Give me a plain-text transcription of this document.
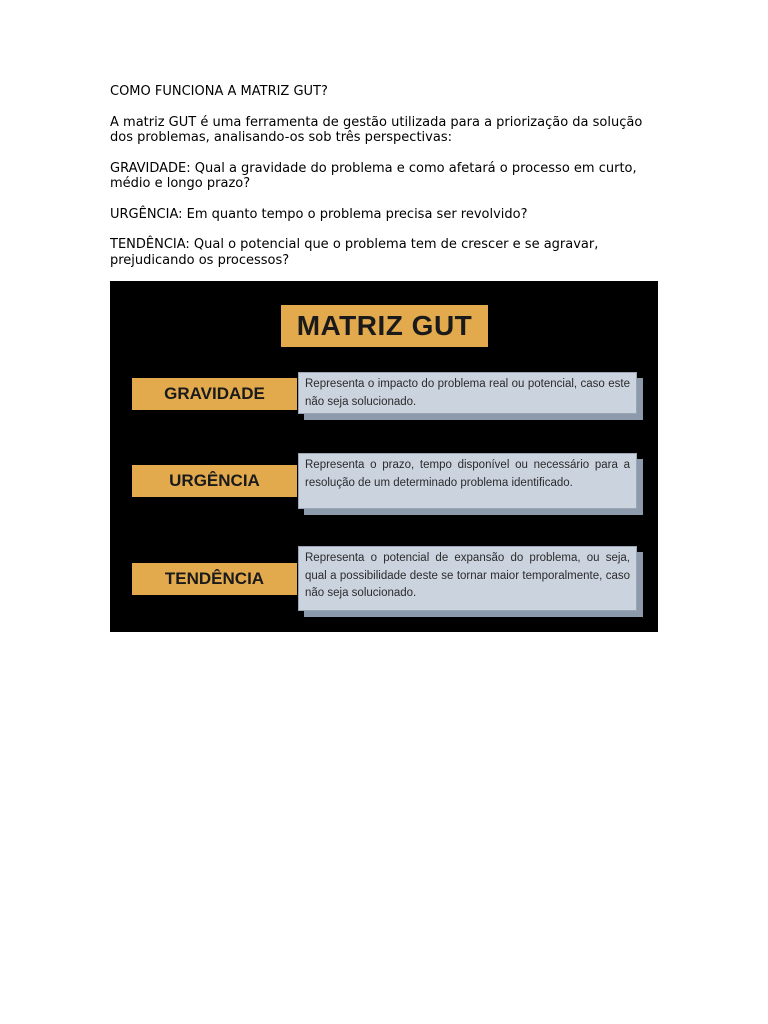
COMO FUNCIONA A MATRIZ GUT?

A matriz GUT é uma ferramenta de gestão utilizada para a priorização da solução dos problemas, analisando-os sob três perspectivas:

GRAVIDADE: Qual a gravidade do problema e como afetará o processo em curto, médio e longo prazo?

URGÊNCIA: Em quanto tempo o problema precisa ser revolvido?

TENDÊNCIA: Qual o potencial que o problema tem de crescer e se agravar, prejudicando os processos?

MATRIZ GUT
GRAVIDADE	Representa o impacto do problema real ou potencial, caso este não seja solucionado.
URGÊNCIA
Representa o prazo, tempo disponível ou necessário para a resolução de um determinado problema identificado.
TENDÊNCIA
Representa o potencial de expansão do problema, ou seja, qual a possibilidade deste se tornar maior temporalmente, caso não seja solucionado.
